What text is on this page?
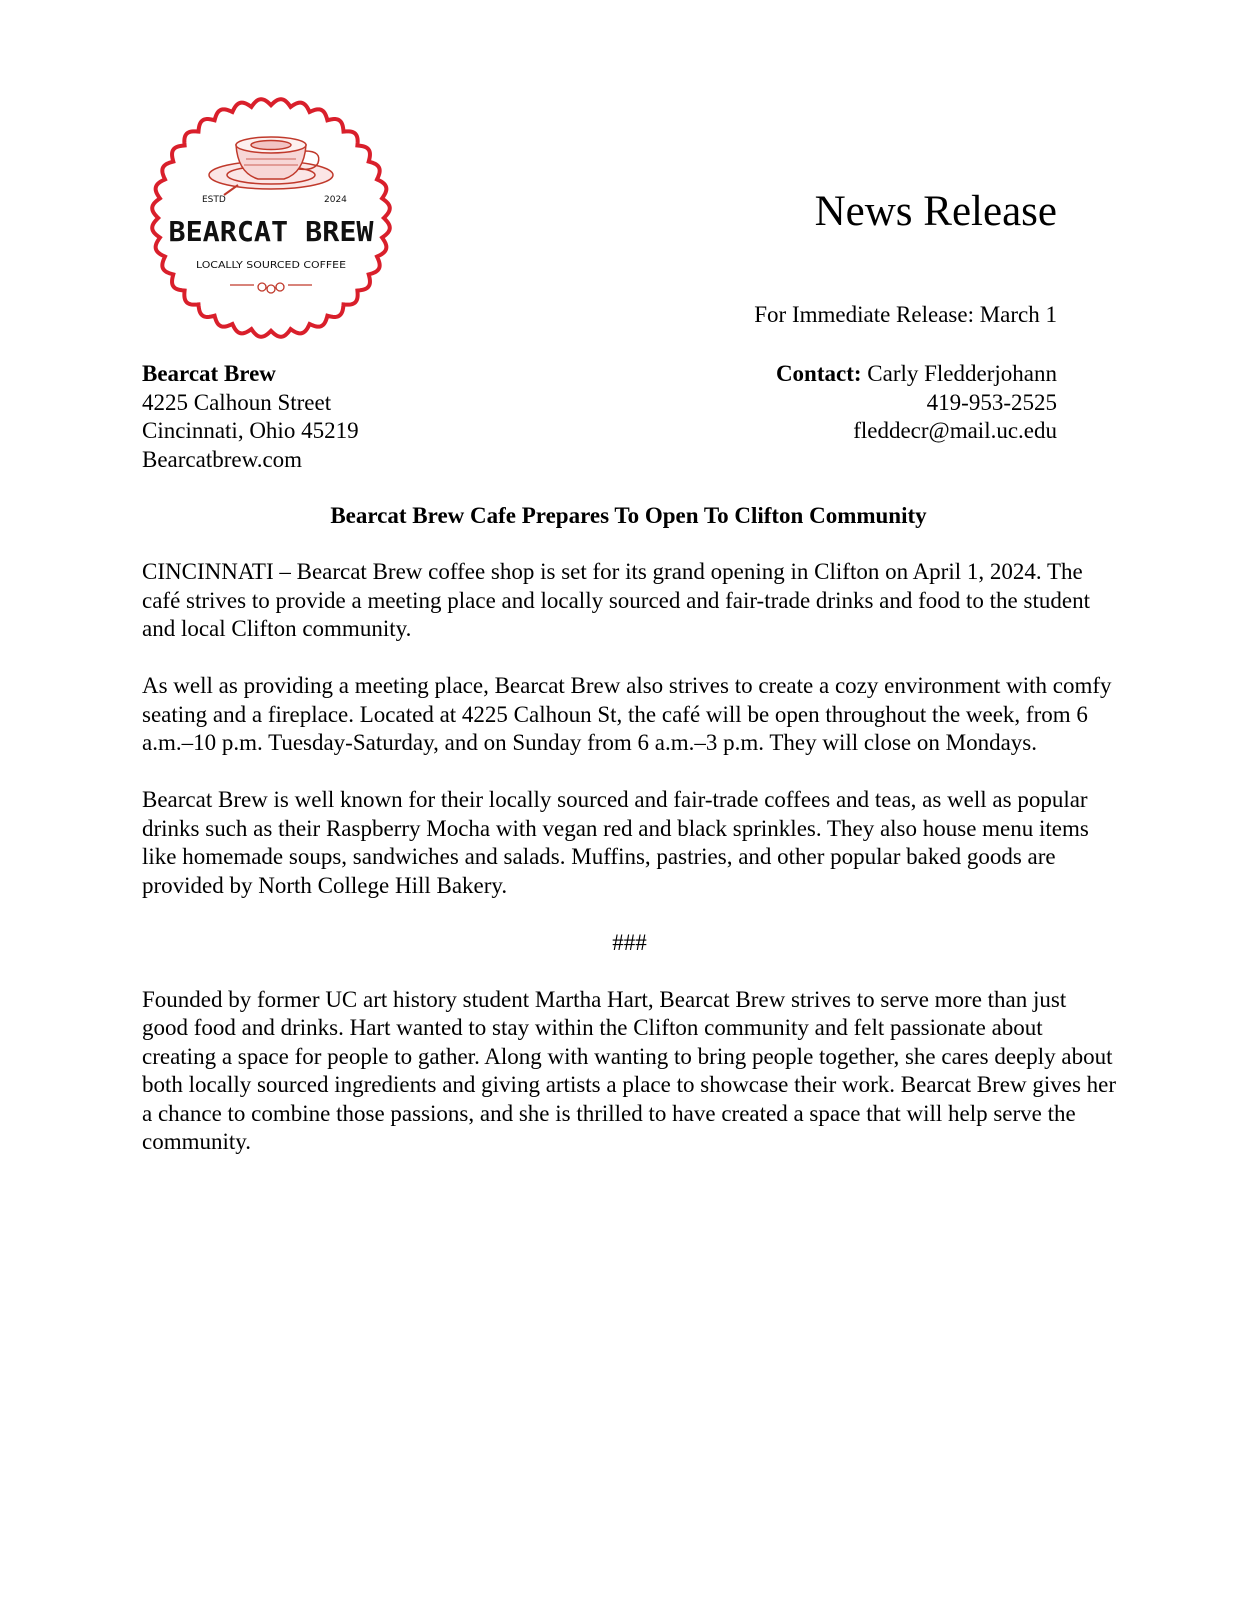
ESTD	2024
BEARCAT BREW
LOCALLY SOURCED COFFEE
News Release
For Immediate Release: March 1
Bearcat Brew
4225 Calhoun Street
Cincinnati, Ohio 45219
Bearcatbrew.com
Contact: Carly Fledderjohann
419-953-2525
fleddecr@mail.uc.edu
Bearcat Brew Cafe Prepares To Open To Clifton Community

CINCINNATI – Bearcat Brew coffee shop is set for its grand opening in Clifton on April 1, 2024. The café strives to provide a meeting place and locally sourced and fair-trade drinks and food to the student and local Clifton community.

As well as providing a meeting place, Bearcat Brew also strives to create a cozy environment with comfy seating and a fireplace. Located at 4225 Calhoun St, the café will be open throughout the week, from 6 a.m.–10 p.m. Tuesday-Saturday, and on Sunday from 6 a.m.–3 p.m. They will close on Mondays.

Bearcat Brew is well known for their locally sourced and fair-trade coffees and teas, as well as popular drinks such as their Raspberry Mocha with vegan red and black sprinkles. They also house menu items like homemade soups, sandwiches and salads. Muffins, pastries, and other popular baked goods are provided by North College Hill Bakery.

###

Founded by former UC art history student Martha Hart, Bearcat Brew strives to serve more than just good food and drinks. Hart wanted to stay within the Clifton community and felt passionate about creating a space for people to gather. Along with wanting to bring people together, she cares deeply about both locally sourced ingredients and giving artists a place to showcase their work. Bearcat Brew gives her a chance to combine those passions, and she is thrilled to have created a space that will help serve the community.
